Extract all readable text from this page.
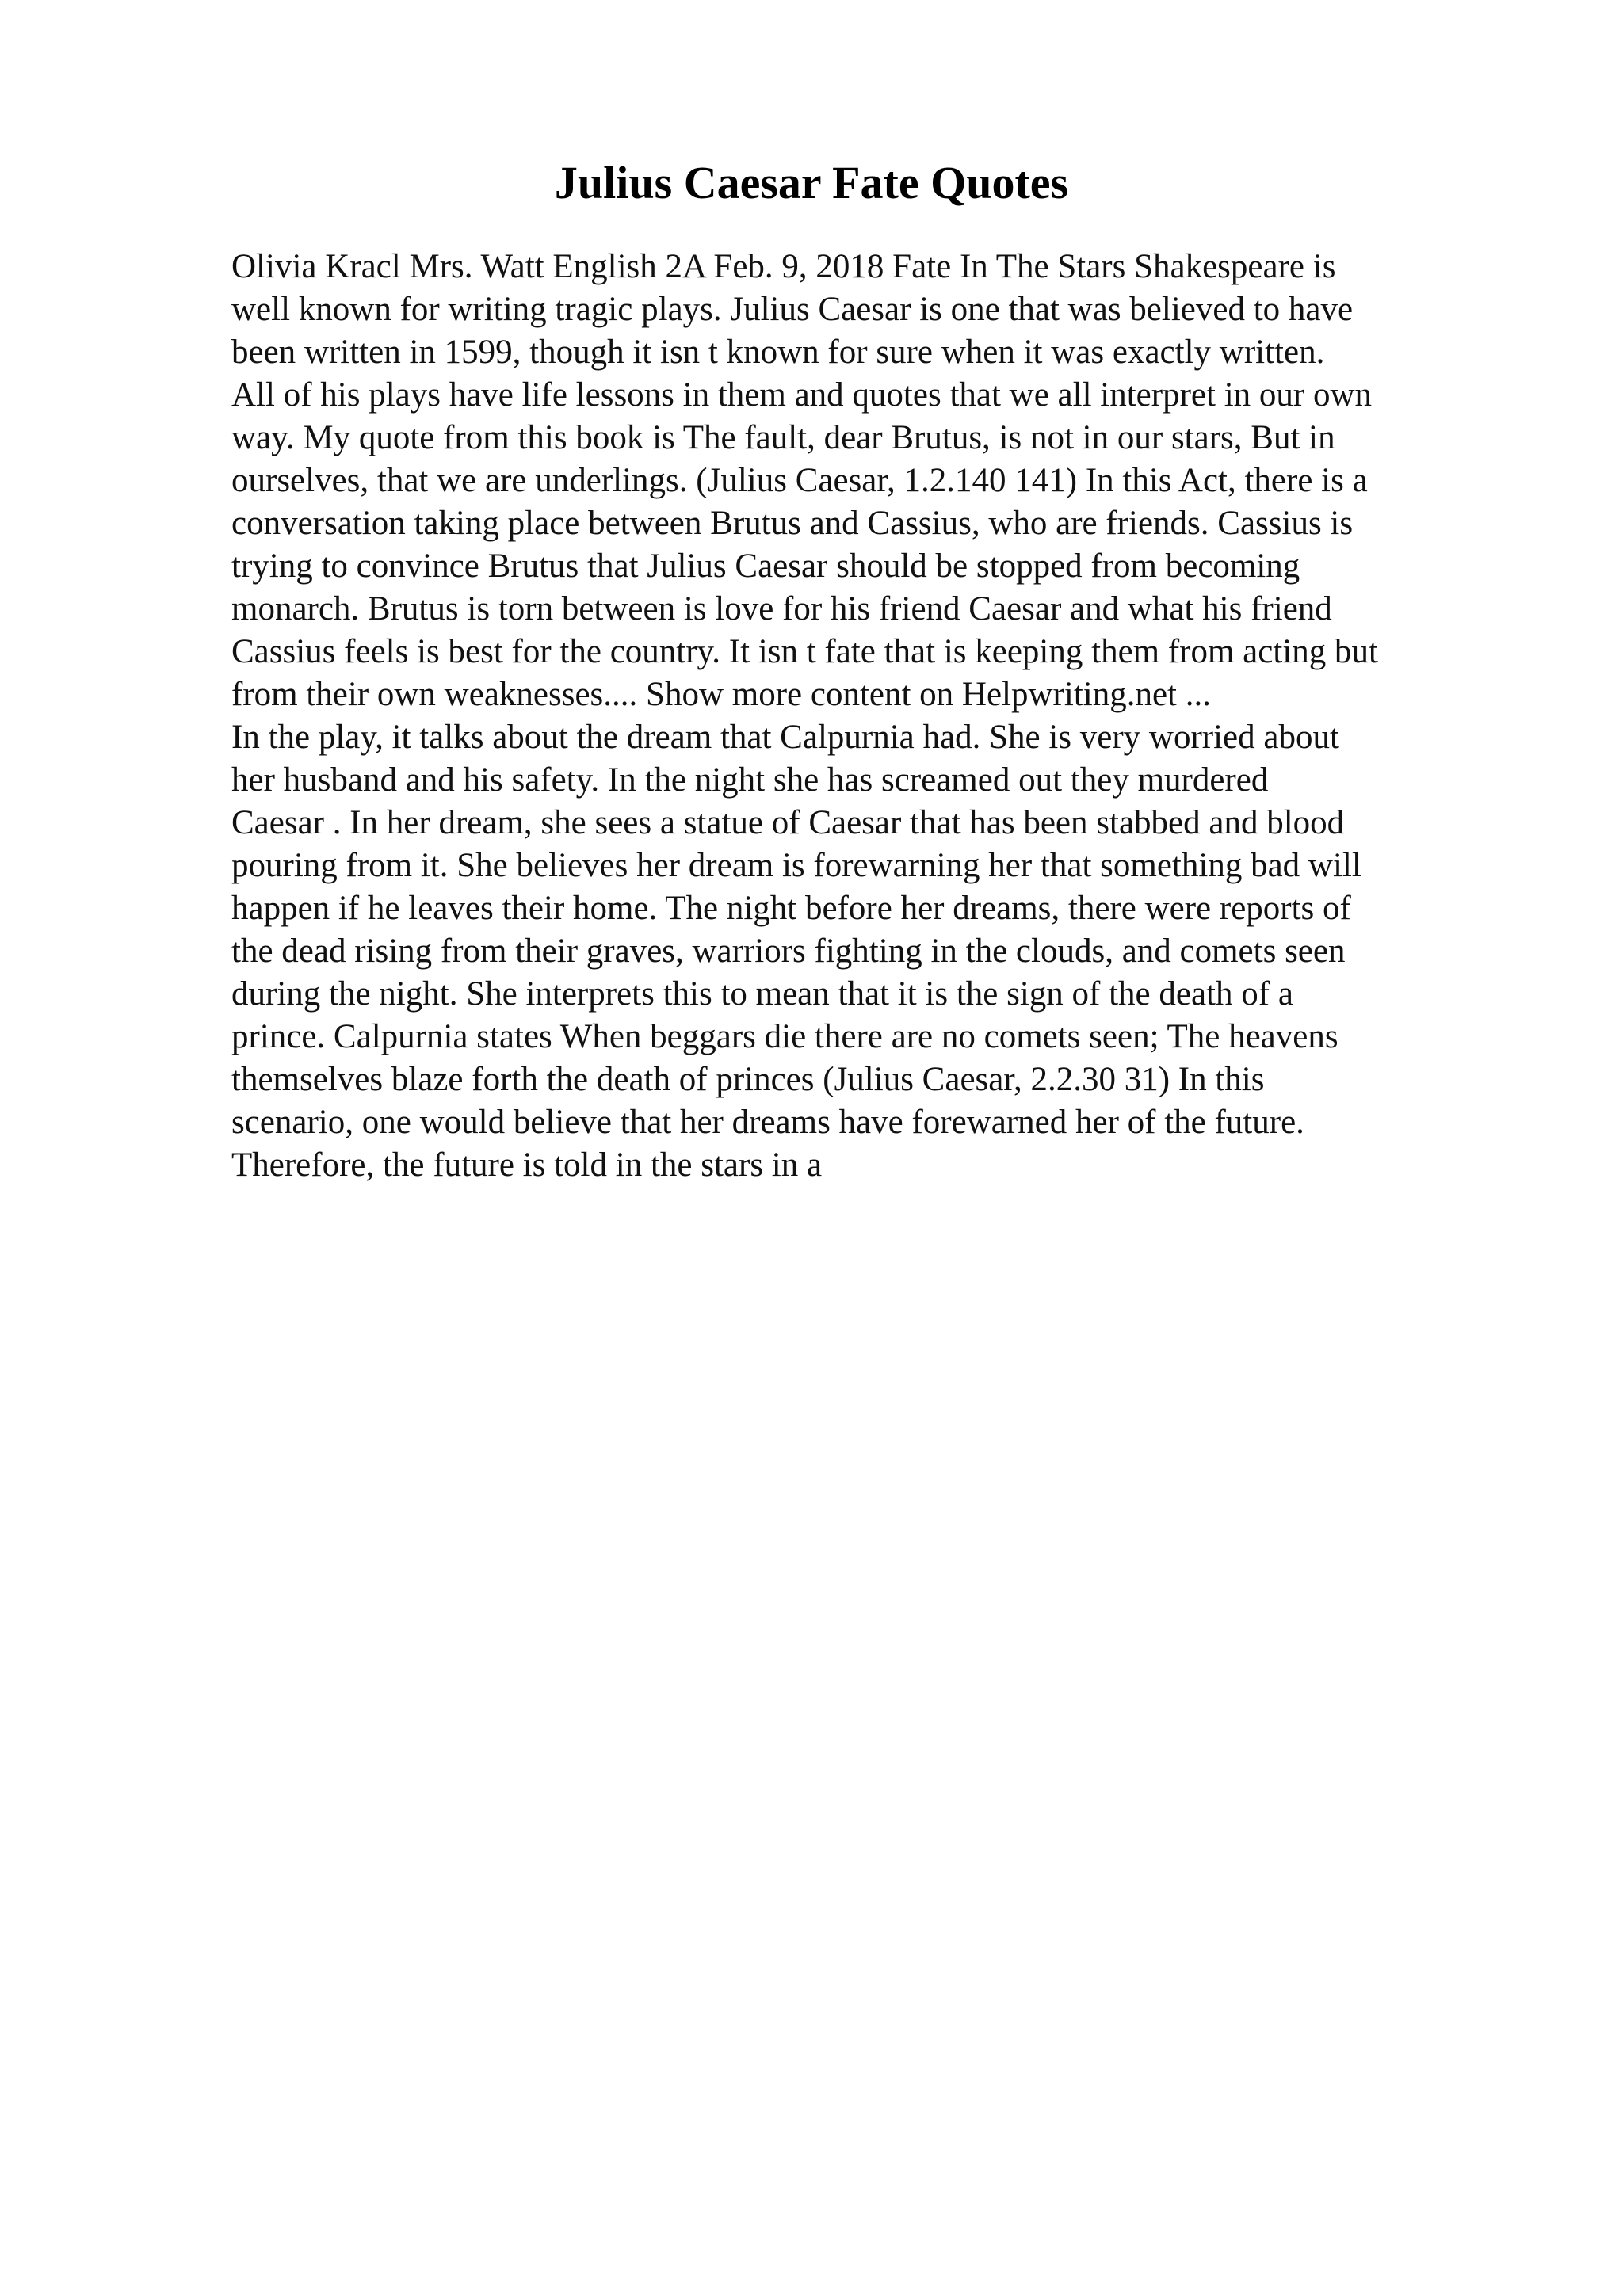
Julius Caesar Fate Quotes

Olivia Kracl Mrs. Watt English 2A Feb. 9, 2018 Fate In The Stars Shakespeare is
well known for writing tragic plays. Julius Caesar is one that was believed to have
been written in 1599, though it isn t known for sure when it was exactly written.
All of his plays have life lessons in them and quotes that we all interpret in our own
way. My quote from this book is The fault, dear Brutus, is not in our stars, But in
ourselves, that we are underlings. (Julius Caesar, 1.2.140 141) In this Act, there is a
conversation taking place between Brutus and Cassius, who are friends. Cassius is
trying to convince Brutus that Julius Caesar should be stopped from becoming
monarch. Brutus is torn between is love for his friend Caesar and what his friend
Cassius feels is best for the country. It isn t fate that is keeping them from acting but
from their own weaknesses.... Show more content on Helpwriting.net ...

In the play, it talks about the dream that Calpurnia had. She is very worried about
her husband and his safety. In the night she has screamed out they murdered
Caesar . In her dream, she sees a statue of Caesar that has been stabbed and blood
pouring from it. She believes her dream is forewarning her that something bad will
happen if he leaves their home. The night before her dreams, there were reports of
the dead rising from their graves, warriors fighting in the clouds, and comets seen
during the night. She interprets this to mean that it is the sign of the death of a
prince. Calpurnia states When beggars die there are no comets seen; The heavens
themselves blaze forth the death of princes (Julius Caesar, 2.2.30 31) In this
scenario, one would believe that her dreams have forewarned her of the future.
Therefore, the future is told in the stars in a
